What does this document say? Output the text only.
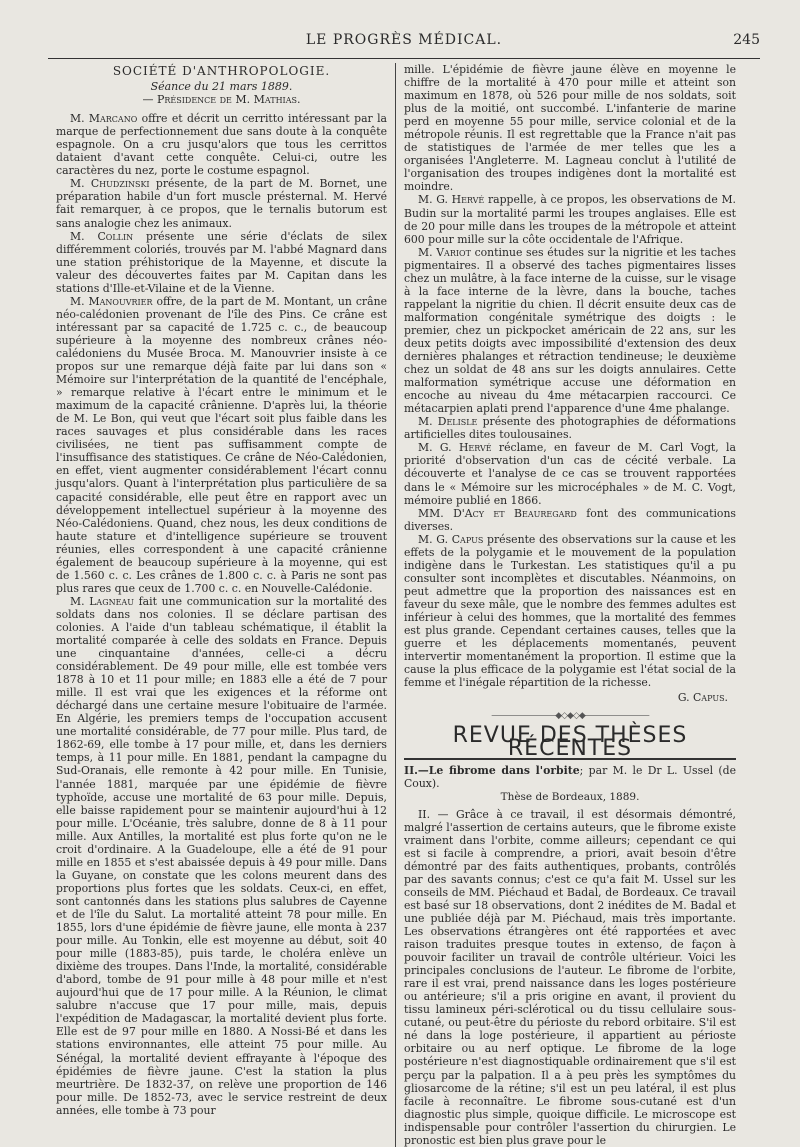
LE PROGRÈS MÉDICAL.	245
SOCIÉTÉ D'ANTHROPOLOGIE.
Séance du 21 mars 1889.
— Présidence de M. Mathias.

M. Marcano offre et décrit un cerritto intéressant par la marque de perfectionnement due sans doute à la conquête espagnole. On a cru jusqu'alors que tous les cerrittos dataient d'avant cette conquête. Celui-ci, outre les caractères du nez, porte le costume espagnol.

M. Chudzinski présente, de la part de M. Bornet, une préparation habile d'un fort muscle présternal. M. Hervé fait remarquer, à ce propos, que le ternalis butorum est sans analogie chez les animaux.

M. Collin présente une série d'éclats de silex différemment coloriés, trouvés par M. l'abbé Magnard dans une station préhistorique de la Mayenne, et discute la valeur des découvertes faites par M. Capitan dans les stations d'Ille-et-Vilaine et de la Vienne.

M. Manouvrier offre, de la part de M. Montant, un crâne néo-calédonien provenant de l'île des Pins. Ce crâne est intéressant par sa capacité de 1.725 c. c., de beaucoup supérieure à la moyenne des nombreux crânes néo-calédoniens du Musée Broca. M. Manouvrier insiste à ce propos sur une remarque déjà faite par lui dans son « Mémoire sur l'interprétation de la quantité de l'encéphale, » remarque relative à l'écart entre le minimum et le maximum de la capacité crânienne. D'après lui, la théorie de M. Le Bon, qui veut que l'écart soit plus faible dans les races sauvages et plus considérable dans les races civilisées, ne tient pas suffisamment compte de l'insuffisance des statistiques. Ce crâne de Néo-Calédonien, en effet, vient augmenter considérablement l'écart connu jusqu'alors. Quant à l'interprétation plus particulière de sa capacité considérable, elle peut être en rapport avec un développement intellectuel supérieur à la moyenne des Néo-Calédoniens. Quand, chez nous, les deux conditions de haute stature et d'intelligence supérieure se trouvent réunies, elles correspondent à une capacité crânienne également de beaucoup supérieure à la moyenne, qui est de 1.560 c. c. Les crânes de 1.800 c. c. à Paris ne sont pas plus rares que ceux de 1.700 c. c. en Nouvelle-Calédonie.

M. Lagneau fait une communication sur la mortalité des soldats dans nos colonies. Il se déclare partisan des colonies. A l'aide d'un tableau schématique, il établit la mortalité comparée à celle des soldats en France. Depuis une cinquantaine d'années, celle-ci a décru considérablement. De 49 pour mille, elle est tombée vers 1878 à 10 et 11 pour mille; en 1883 elle a été de 7 pour mille. Il est vrai que les exigences et la réforme ont déchargé dans une certaine mesure l'obituaire de l'armée. En Algérie, les premiers temps de l'occupation accusent une mortalité considérable, de 77 pour mille. Plus tard, de 1862-69, elle tombe à 17 pour mille, et, dans les derniers temps, à 11 pour mille. En 1881, pendant la campagne du Sud-Oranais, elle remonte à 42 pour mille. En Tunisie, l'année 1881, marquée par une épidémie de fièvre typhoïde, accuse une mortalité de 63 pour mille. Depuis, elle baisse rapidement pour se maintenir aujourd'hui à 12 pour mille. L'Océanie, très salubre, donne de 8 à 11 pour mille. Aux Antilles, la mortalité est plus forte qu'on ne le croit d'ordinaire. A la Guadeloupe, elle a été de 91 pour mille en 1855 et s'est abaissée depuis à 49 pour mille. Dans la Guyane, on constate que les colons meurent dans des proportions plus fortes que les soldats. Ceux-ci, en effet, sont cantonnés dans les stations plus salubres de Cayenne et de l'île du Salut. La mortalité atteint 78 pour mille. En 1855, lors d'une épidémie de fièvre jaune, elle monta à 237 pour mille. Au Tonkin, elle est moyenne au début, soit 40 pour mille (1883-85), puis tarde, le choléra enlève un dixième des troupes. Dans l'Inde, la mortalité, considérable d'abord, tombe de 91 pour mille à 48 pour mille et n'est aujourd'hui que de 17 pour mille. A la Réunion, le climat salubre n'accuse que 17 pour mille, mais, depuis l'expédition de Madagascar, la mortalité devient plus forte. Elle est de 97 pour mille en 1880. A Nossi-Bé et dans les stations environnantes, elle atteint 75 pour mille. Au Sénégal, la mortalité devient effrayante à l'époque des épidémies de fièvre jaune. C'est la station la plus meurtrière. De 1832-37, on relève une proportion de 146 pour mille. De 1852-73, avec le service restreint de deux années, elle tombe à 73 pour

mille. L'épidémie de fièvre jaune élève en moyenne le chiffre de la mortalité à 470 pour mille et atteint son maximum en 1878, où 526 pour mille de nos soldats, soit plus de la moitié, ont succombé. L'infanterie de marine perd en moyenne 55 pour mille, service colonial et de la métropole réunis. Il est regrettable que la France n'ait pas de statistiques de l'armée de mer telles que les a organisées l'Angleterre. M. Lagneau conclut à l'utilité de l'organisation des troupes indigènes dont la mortalité est moindre.

M. G. Hervé rappelle, à ce propos, les observations de M. Budin sur la mortalité parmi les troupes anglaises. Elle est de 20 pour mille dans les troupes de la métropole et atteint 600 pour mille sur la côte occidentale de l'Afrique.

M. Variot continue ses études sur la nigritie et les taches pigmentaires. Il a observé des taches pigmentaires lisses chez un mulâtre, à la face interne de la cuisse, sur le visage à la face interne de la lèvre, dans la bouche, taches rappelant la nigritie du chien. Il décrit ensuite deux cas de malformation congénitale symétrique des doigts : le premier, chez un pickpocket américain de 22 ans, sur les deux petits doigts avec impossibilité d'extension des deux dernières phalanges et rétraction tendineuse; le deuxième chez un soldat de 48 ans sur les doigts annulaires. Cette malformation symétrique accuse une déformation en encoche au niveau du 4me métacarpien raccourci. Ce métacarpien aplati prend l'apparence d'une 4me phalange.

M. Delisle présente des photographies de déformations artificielles dites toulousaines.

M. G. Hervé réclame, en faveur de M. Carl Vogt, la priorité d'observation d'un cas de cécité verbale. La découverte et l'analyse de ce cas se trouvent rapportées dans le « Mémoire sur les microcéphales » de M. C. Vogt, mémoire publié en 1866.

MM. D'Acy et Beauregard font des communications diverses.

M. G. Capus présente des observations sur la cause et les effets de la polygamie et le mouvement de la population indigène dans le Turkestan. Les statistiques qu'il a pu consulter sont incomplètes et discutables. Néanmoins, on peut admettre que la proportion des naissances est en faveur du sexe mâle, que le nombre des femmes adultes est inférieur à celui des hommes, que la mortalité des femmes est plus grande. Cependant certaines causes, telles que la guerre et les déplacements momentanés, peuvent intervertir momentanément la proportion. Il estime que la cause la plus efficace de la polygamie est l'état social de la femme et l'inégale répartition de la richesse.

G. Capus.
————————◆◇◆◇◆————————
REVUE DES THÈSES RÉCENTES

II.—Le fibrome dans l'orbite; par M. le Dr L. Ussel (de Coux).

Thèse de Bordeaux, 1889.

II. — Grâce à ce travail, il est désormais démontré, malgré l'assertion de certains auteurs, que le fibrome existe vraiment dans l'orbite, comme ailleurs; cependant ce qui est si facile à comprendre, a priori, avait besoin d'être démontré par des faits authentiques, probants, contrôlés par des savants connus; c'est ce qu'a fait M. Ussel sur les conseils de MM. Piéchaud et Badal, de Bordeaux. Ce travail est basé sur 18 observations, dont 2 inédites de M. Badal et une publiée déjà par M. Piéchaud, mais très importante. Les observations étrangères ont été rapportées et avec raison traduites presque toutes in extenso, de façon à pouvoir faciliter un travail de contrôle ultérieur. Voici les principales conclusions de l'auteur. Le fibrome de l'orbite, rare il est vrai, prend naissance dans les loges postérieure ou antérieure; s'il a pris origine en avant, il provient du tissu lamineux péri-sclérotical ou du tissu cellulaire sous-cutané, ou peut-être du périoste du rebord orbitaire. S'il est né dans la loge postérieure, il appartient au périoste orbitaire ou au nerf optique. Le fibrome de la loge postérieure n'est diagnostiquable ordinairement que s'il est perçu par la palpation. Il a à peu près les symptômes du gliosarcome de la rétine; s'il est un peu latéral, il est plus facile à reconnaître. Le fibrome sous-cutané est d'un diagnostic plus simple, quoique difficile. Le microscope est indispensable pour contrôler l'assertion du chirurgien. Le pronostic est bien plus grave pour le
